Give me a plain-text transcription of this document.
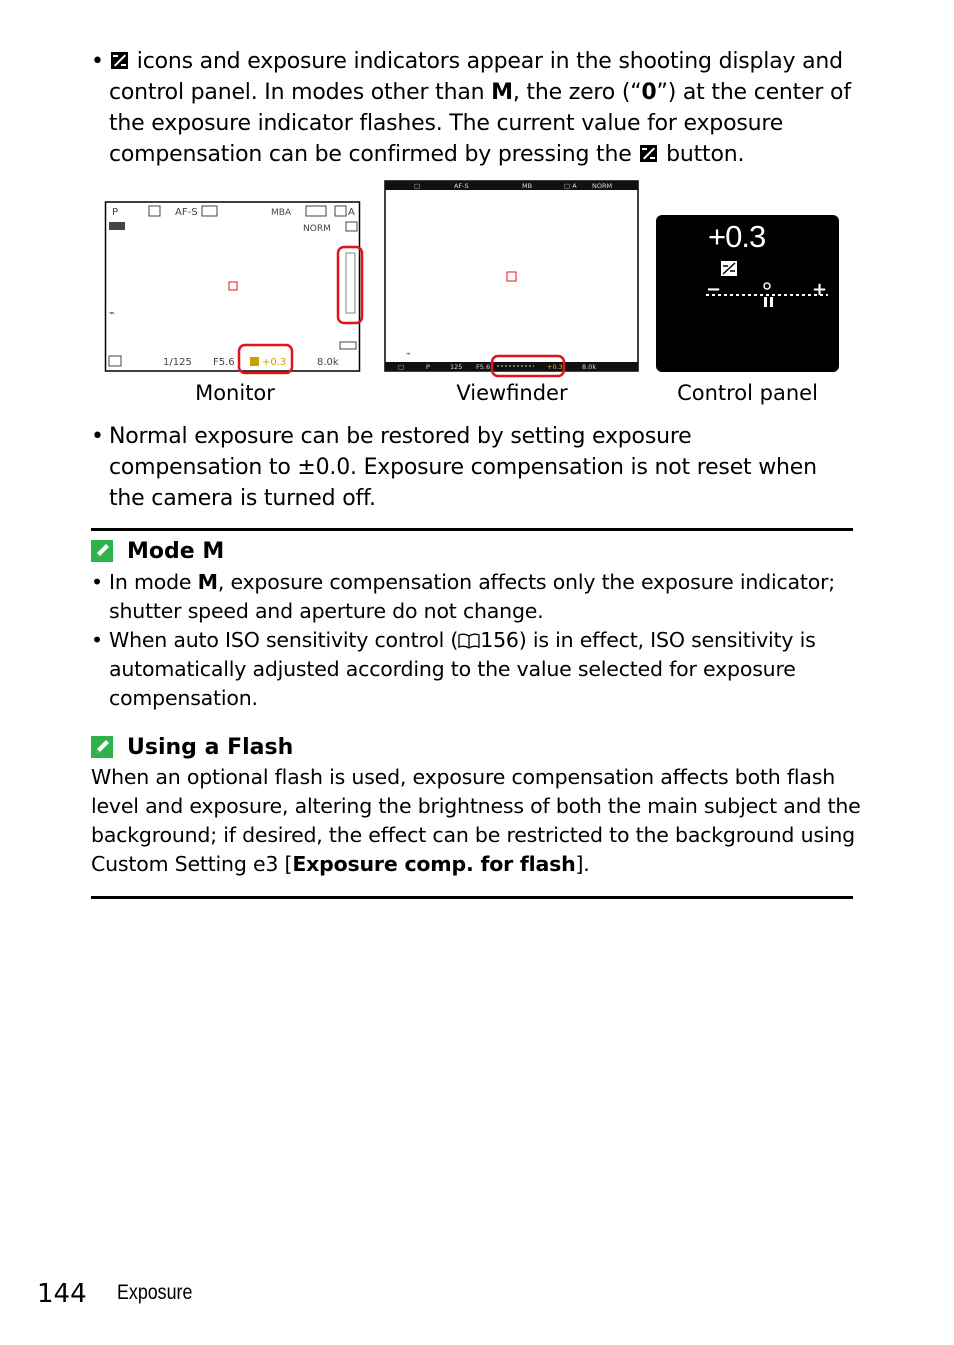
•	icons and exposure indicators appear in the shooting display and control panel. In modes other than M, the zero (“0”) at the center of the exposure indicator flashes. The current value for exposure compensation can be confirmed by pressing the
button.
P	AF-S	ΜΒΑ	A
NORM
⌁
1/125 F5.6	8.0k
+0.3
Monitor
▢	AF-S	ΜΒ	▢ A NORM
▢	P	125 F5.6	+0.3	8.0k
⌁
Viewfinder
+0.3
−	+
Control panel
• Normal exposure can be restored by setting exposure compensation to ±0.0. Exposure compensation is not reset when the camera is turned off.
Mode M
• In mode M, exposure compensation affects only the exposure indicator; shutter speed and aperture do not change.
• When auto ISO sensitivity control ( 156) is in effect, ISO sensitivity is automatically adjusted according to the value selected for exposure compensation.
Using a Flash
When an optional flash is used, exposure compensation affects both flash level and exposure, altering the brightness of both the main subject and the background; if desired, the effect can be restricted to the background using Custom Setting e3 [Exposure comp. for flash].
144 Exposure
